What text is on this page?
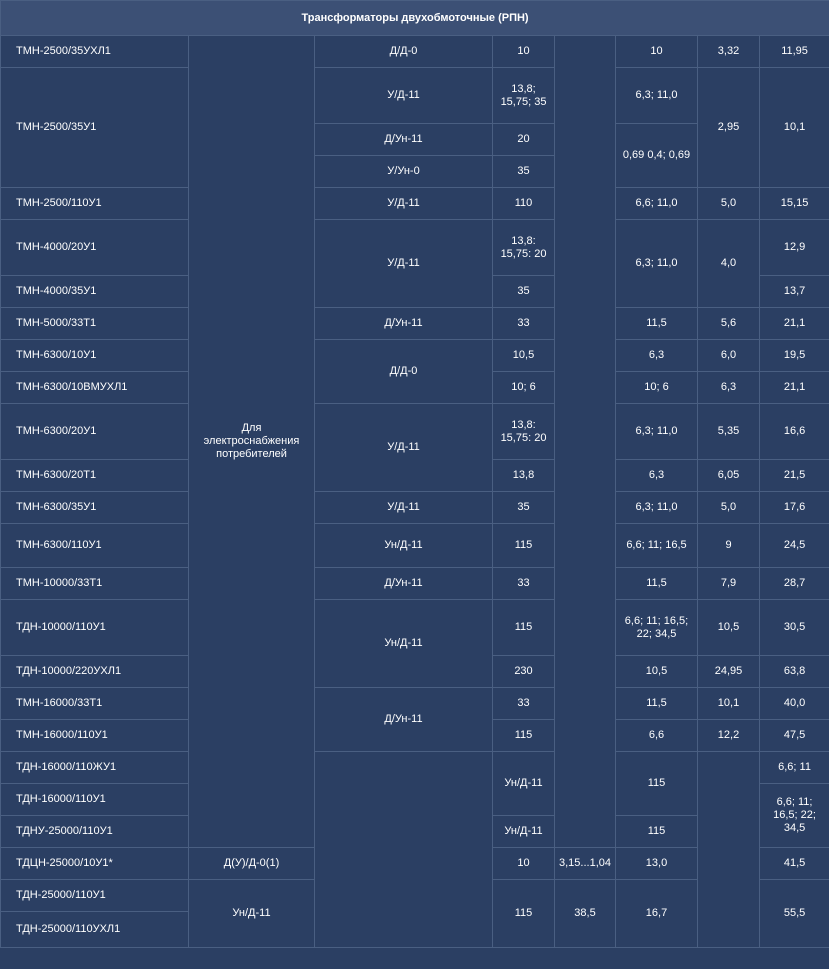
Трансформаторы двухобмоточные (РПН)								
ТМН-2500/35УХЛ1	Для электроснабжения потребителей	Д/Д-0	10		10	3,32	11,95	
ТМН-2500/35У1		У/Д-11	13,8; 15,75; 35		6,3; 11,0	2,95	10,1	
		Д/Ун-11	20		0,69 0,4; 0,69			
		У/Ун-0	35					
ТМН-2500/110У1		У/Д-11	110		6,6; 11,0	5,0	15,15	
ТМН-4000/20У1		У/Д-11	13,8: 15,75: 20		6,3; 11,0	4,0	12,9	
ТМН-4000/35У1			35				13,7	
ТМН-5000/33Т1		Д/Ун-11	33		11,5	5,6	21,1	
ТМН-6300/10У1		Д/Д-0	10,5		6,3	6,0	19,5	
ТМН-6300/10ВМУХЛ1			10; 6		10; 6	6,3	21,1	
ТМН-6300/20У1		У/Д-11	13,8: 15,75: 20		6,3; 11,0	5,35	16,6	
ТМН-6300/20Т1			13,8		6,3	6,05	21,5	
ТМН-6300/35У1		У/Д-11	35		6,3; 11,0	5,0	17,6	
ТМН-6300/110У1		Ун/Д-11	115		6,6; 11; 16,5	9	24,5	
ТМН-10000/33Т1		Д/Ун-11	33		11,5	7,9	28,7	
ТДН-10000/110У1		Ун/Д-11	115		6,6; 11; 16,5; 22; 34,5	10,5	30,5	
ТДН-10000/220УХЛ1			230		10,5	24,95	63,8	
ТМН-16000/33Т1		Д/Ун-11	33		11,5	10,1	40,0	
ТМН-16000/110У1			115		6,6	12,2	47,5	
ТДН-16000/110ЖУ1			Ун/Д-11		115		6,6; 11		
ТДН-16000/110У1							6,6; 11; 16,5; 22; 34,5	
ТДНУ-25000/110У1			Ун/Д-11		115		
ТДЦН-25000/10У1*	Д(У)/Д-0(1)		10	3,15...1,04	13,0		41,5	
ТДН-25000/110У1	Ун/Д-11		115	38,5	16,7		55,5	
ТДН-25000/110УХЛ1								
